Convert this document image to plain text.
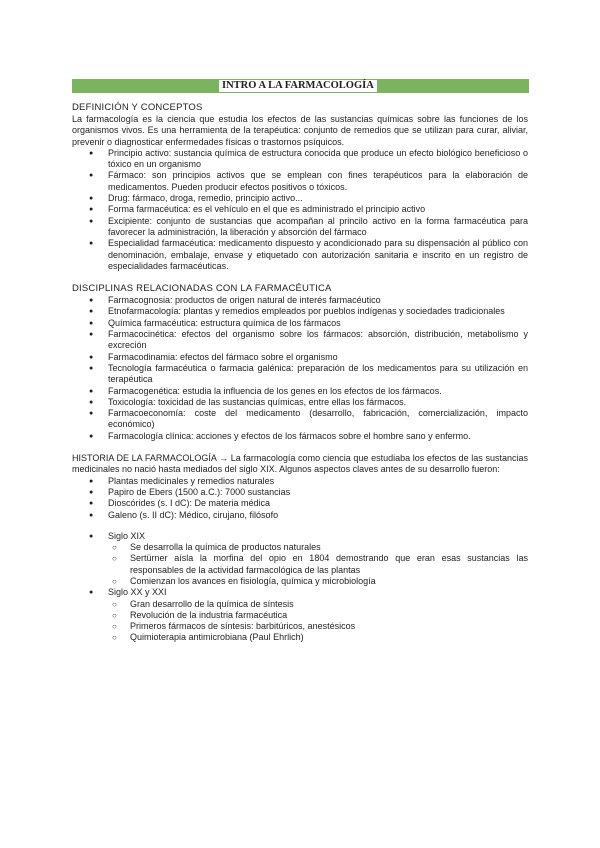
INTRO A LA FARMACOLOGÍA
DEFINICIÓN Y CONCEPTOS

La farmacología es la ciencia que estudia los efectos de las sustancias químicas sobre las funciones de los organismos vivos. Es una herramienta de la terapéutica: conjunto de remedios que se utilizan para curar, aliviar, prevenir o diagnosticar enfermedades físicas o trastornos psíquicos.

● Principio activo: sustancia química de estructura conocida que produce un efecto biológico beneficioso o tóxico en un organismo
● Fármaco: son principios activos que se emplean con fines terapéuticos para la elaboración de medicamentos. Pueden producir efectos positivos o tóxicos.
● Drug: fármaco, droga, remedio, principio activo...
● Forma farmacéutica: es el vehículo en el que es administrado el principio activo
● Excipiente: conjunto de sustancias que acompañan al princilo activo en la forma farmacéutica para favorecer la administración, la liberación y absorción del fármaco
● Especialidad farmacéutica: medicamento dispuesto y acondicionado para su dispensación al público con denominación, embalaje, envase y etiquetado con autorización sanitaria e inscrito en un registro de especialidades farmacéuticas.
DISCIPLINAS RELACIONADAS CON LA FARMACÉUTICA
● Farmacognosia: productos de origen natural de interés farmacéutico
● Etnofarmacología: plantas y remedios empleados por pueblos indígenas y sociedades tradicionales
● Química farmacéutica: estructura química de los fármacos
● Farmacocinética: efectos del organismo sobre los fármacos: absorción, distribución, metabolismo y excreción
● Farmacodinamia: efectos del fármaco sobre el organismo
● Tecnología farmacéutica o farmacia galénica: preparación de los medicamentos para su utilización en terapéutica
● Farmacogenética: estudia la influencia de los genes en los efectos de los fármacos.
● Toxicología: toxicidad de las sustancias químicas, entre ellas los fármacos.
● Farmacoeconomía: coste del medicamento (desarrollo, fabricación, comercialización, impacto económico)
● Farmacología clínica: acciones y efectos de los fármacos sobre el hombre sano y enfermo.

HISTORIA DE LA FARMACOLOGÍA → La farmacología como ciencia que estudiaba los efectos de las sustancias medicinales no nació hasta mediados del siglo XIX. Algunos aspectos claves antes de su desarrollo fueron:

● Plantas medicinales y remedios naturales
● Papiro de Ebers (1500 a.C.): 7000 sustancias
● Dioscórides (s. I dC): De materia médica
● Galeno (s. II dC): Médico, cirujano, filósofo
● Siglo XIX
○ Se desarrolla la química de productos naturales
○ Sertürner aísla la morfina del opio en 1804 demostrando que eran esas sustancias las responsables de la actividad farmacológica de las plantas
○ Comienzan los avances en fisiología, química y microbiología
● Siglo XX y XXI
○ Gran desarrollo de la química de síntesis
○ Revolución de la industria farmacéutica
○ Primeros fármacos de síntesis: barbitúricos, anestésicos
○ Quimioterapia antimicrobiana (Paul Ehrlich)
